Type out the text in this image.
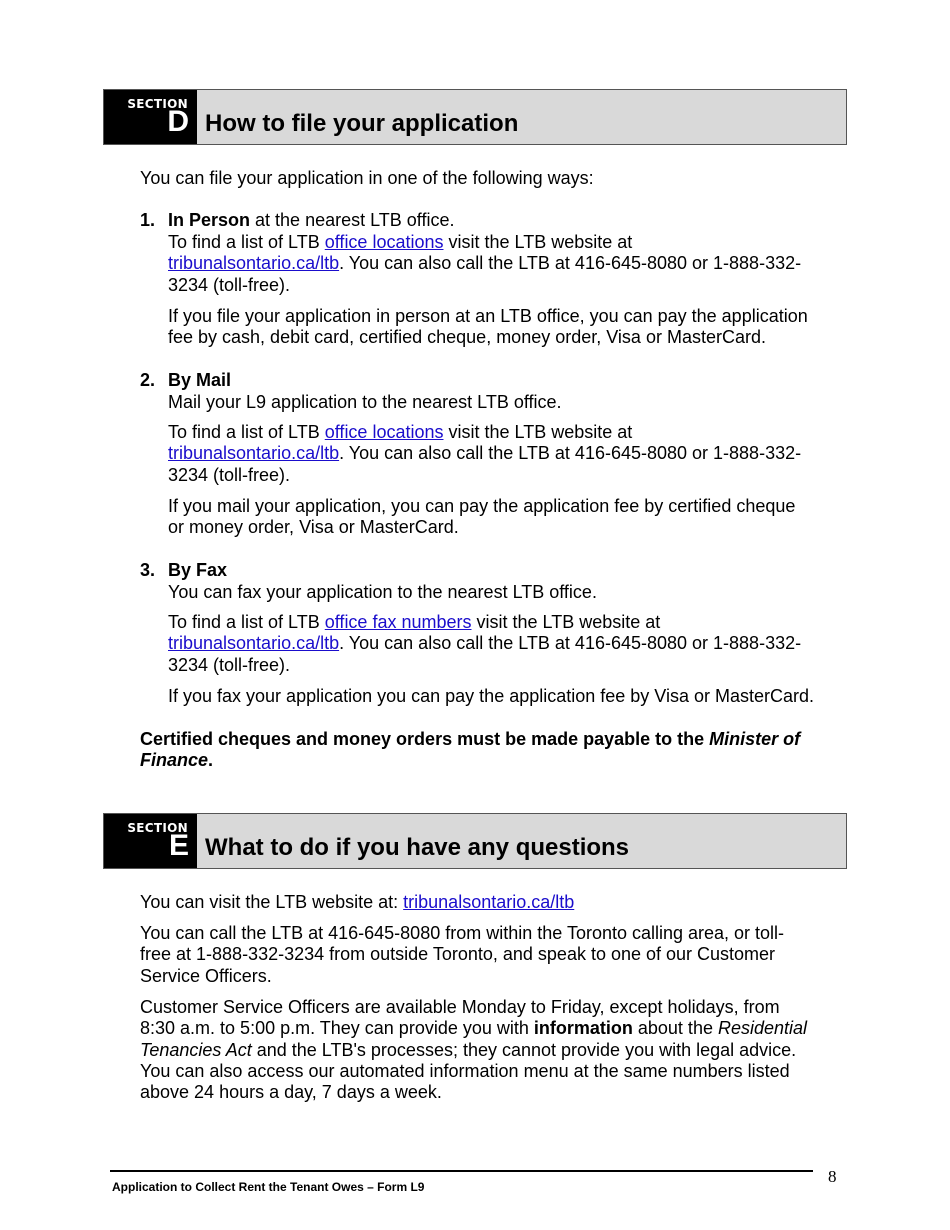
SECTION
D How to file your application
You can file your application in one of the following ways:
1. In Person at the nearest LTB office.
To find a list of LTB office locations visit the LTB website at
tribunalsontario.ca/ltb. You can also call the LTB at 416-645-8080 or 1-888-332-
3234 (toll-free).
If you file your application in person at an LTB office, you can pay the application
fee by cash, debit card, certified cheque, money order, Visa or MasterCard.
2. By Mail
Mail your L9 application to the nearest LTB office.
To find a list of LTB office locations visit the LTB website at
tribunalsontario.ca/ltb. You can also call the LTB at 416-645-8080 or 1-888-332-
3234 (toll-free).
If you mail your application, you can pay the application fee by certified cheque
or money order, Visa or MasterCard.
3. By Fax
You can fax your application to the nearest LTB office.
To find a list of LTB office fax numbers visit the LTB website at
tribunalsontario.ca/ltb. You can also call the LTB at 416-645-8080 or 1-888-332-
3234 (toll-free).
If you fax your application you can pay the application fee by Visa or MasterCard.
Certified cheques and money orders must be made payable to the Minister of
Finance.
SECTION
E What to do if you have any questions
You can visit the LTB website at: tribunalsontario.ca/ltb
You can call the LTB at 416-645-8080 from within the Toronto calling area, or toll-
free at 1-888-332-3234 from outside Toronto, and speak to one of our Customer
Service Officers.
Customer Service Officers are available Monday to Friday, except holidays, from
8:30 a.m. to 5:00 p.m. They can provide you with information about the Residential
Tenancies Act and the LTB's processes; they cannot provide you with legal advice.
You can also access our automated information menu at the same numbers listed
above 24 hours a day, 7 days a week.
8
Application to Collect Rent the Tenant Owes – Form L9
